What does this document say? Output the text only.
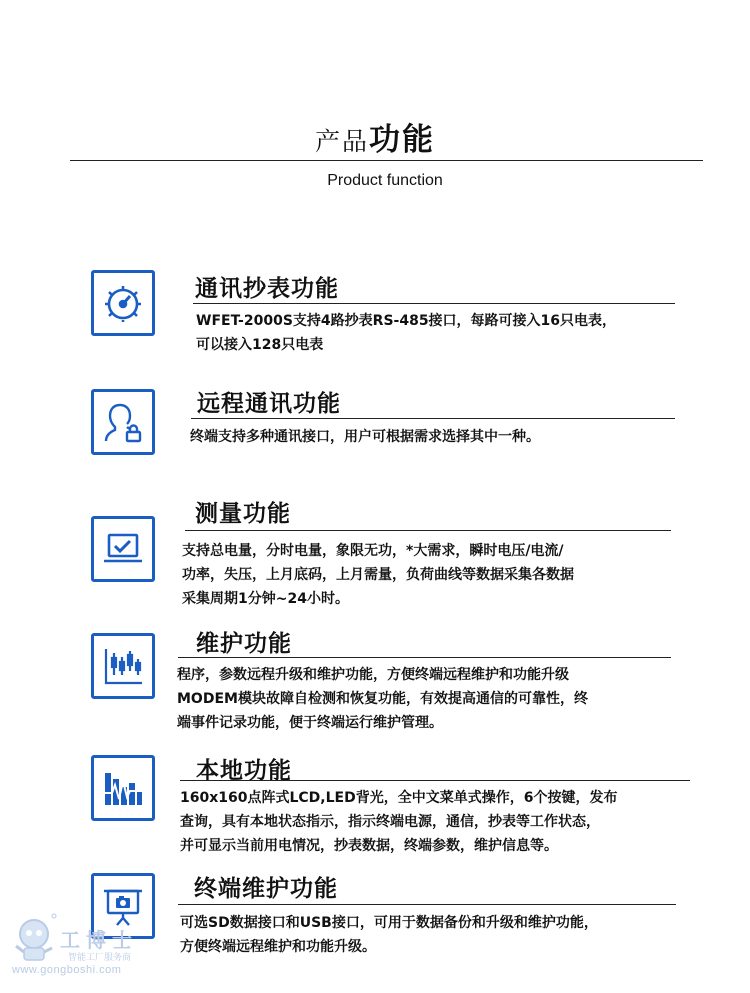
产品功能
Product function
通讯抄表功能
WFET-2000S支持4路抄表RS-485接口，每路可接入16只电表，
可以接入128只电表
远程通讯功能
终端支持多种通讯接口，用户可根据需求选择其中一种。
测量功能
支持总电量，分时电量，象限无功，*大需求，瞬时电压/电流/
功率，失压，上月底码，上月需量，负荷曲线等数据采集各数据
采集周期1分钟~24小时。
维护功能
程序，参数远程升级和维护功能，方便终端远程维护和功能升级
MODEM模块故障自检测和恢复功能，有效提高通信的可靠性，终
端事件记录功能，便于终端运行维护管理。
本地功能
160x160点阵式LCD,LED背光，全中文菜单式操作，6个按键，发布
查询，具有本地状态指示，指示终端电源，通信，抄表等工作状态，
并可显示当前用电情况，抄表数据，终端参数，维护信息等。
终端维护功能
可选SD数据接口和USB接口，可用于数据备份和升级和维护功能，
方便终端远程维护和功能升级。
工博士
智能工厂服务商
www.gongboshi.com
